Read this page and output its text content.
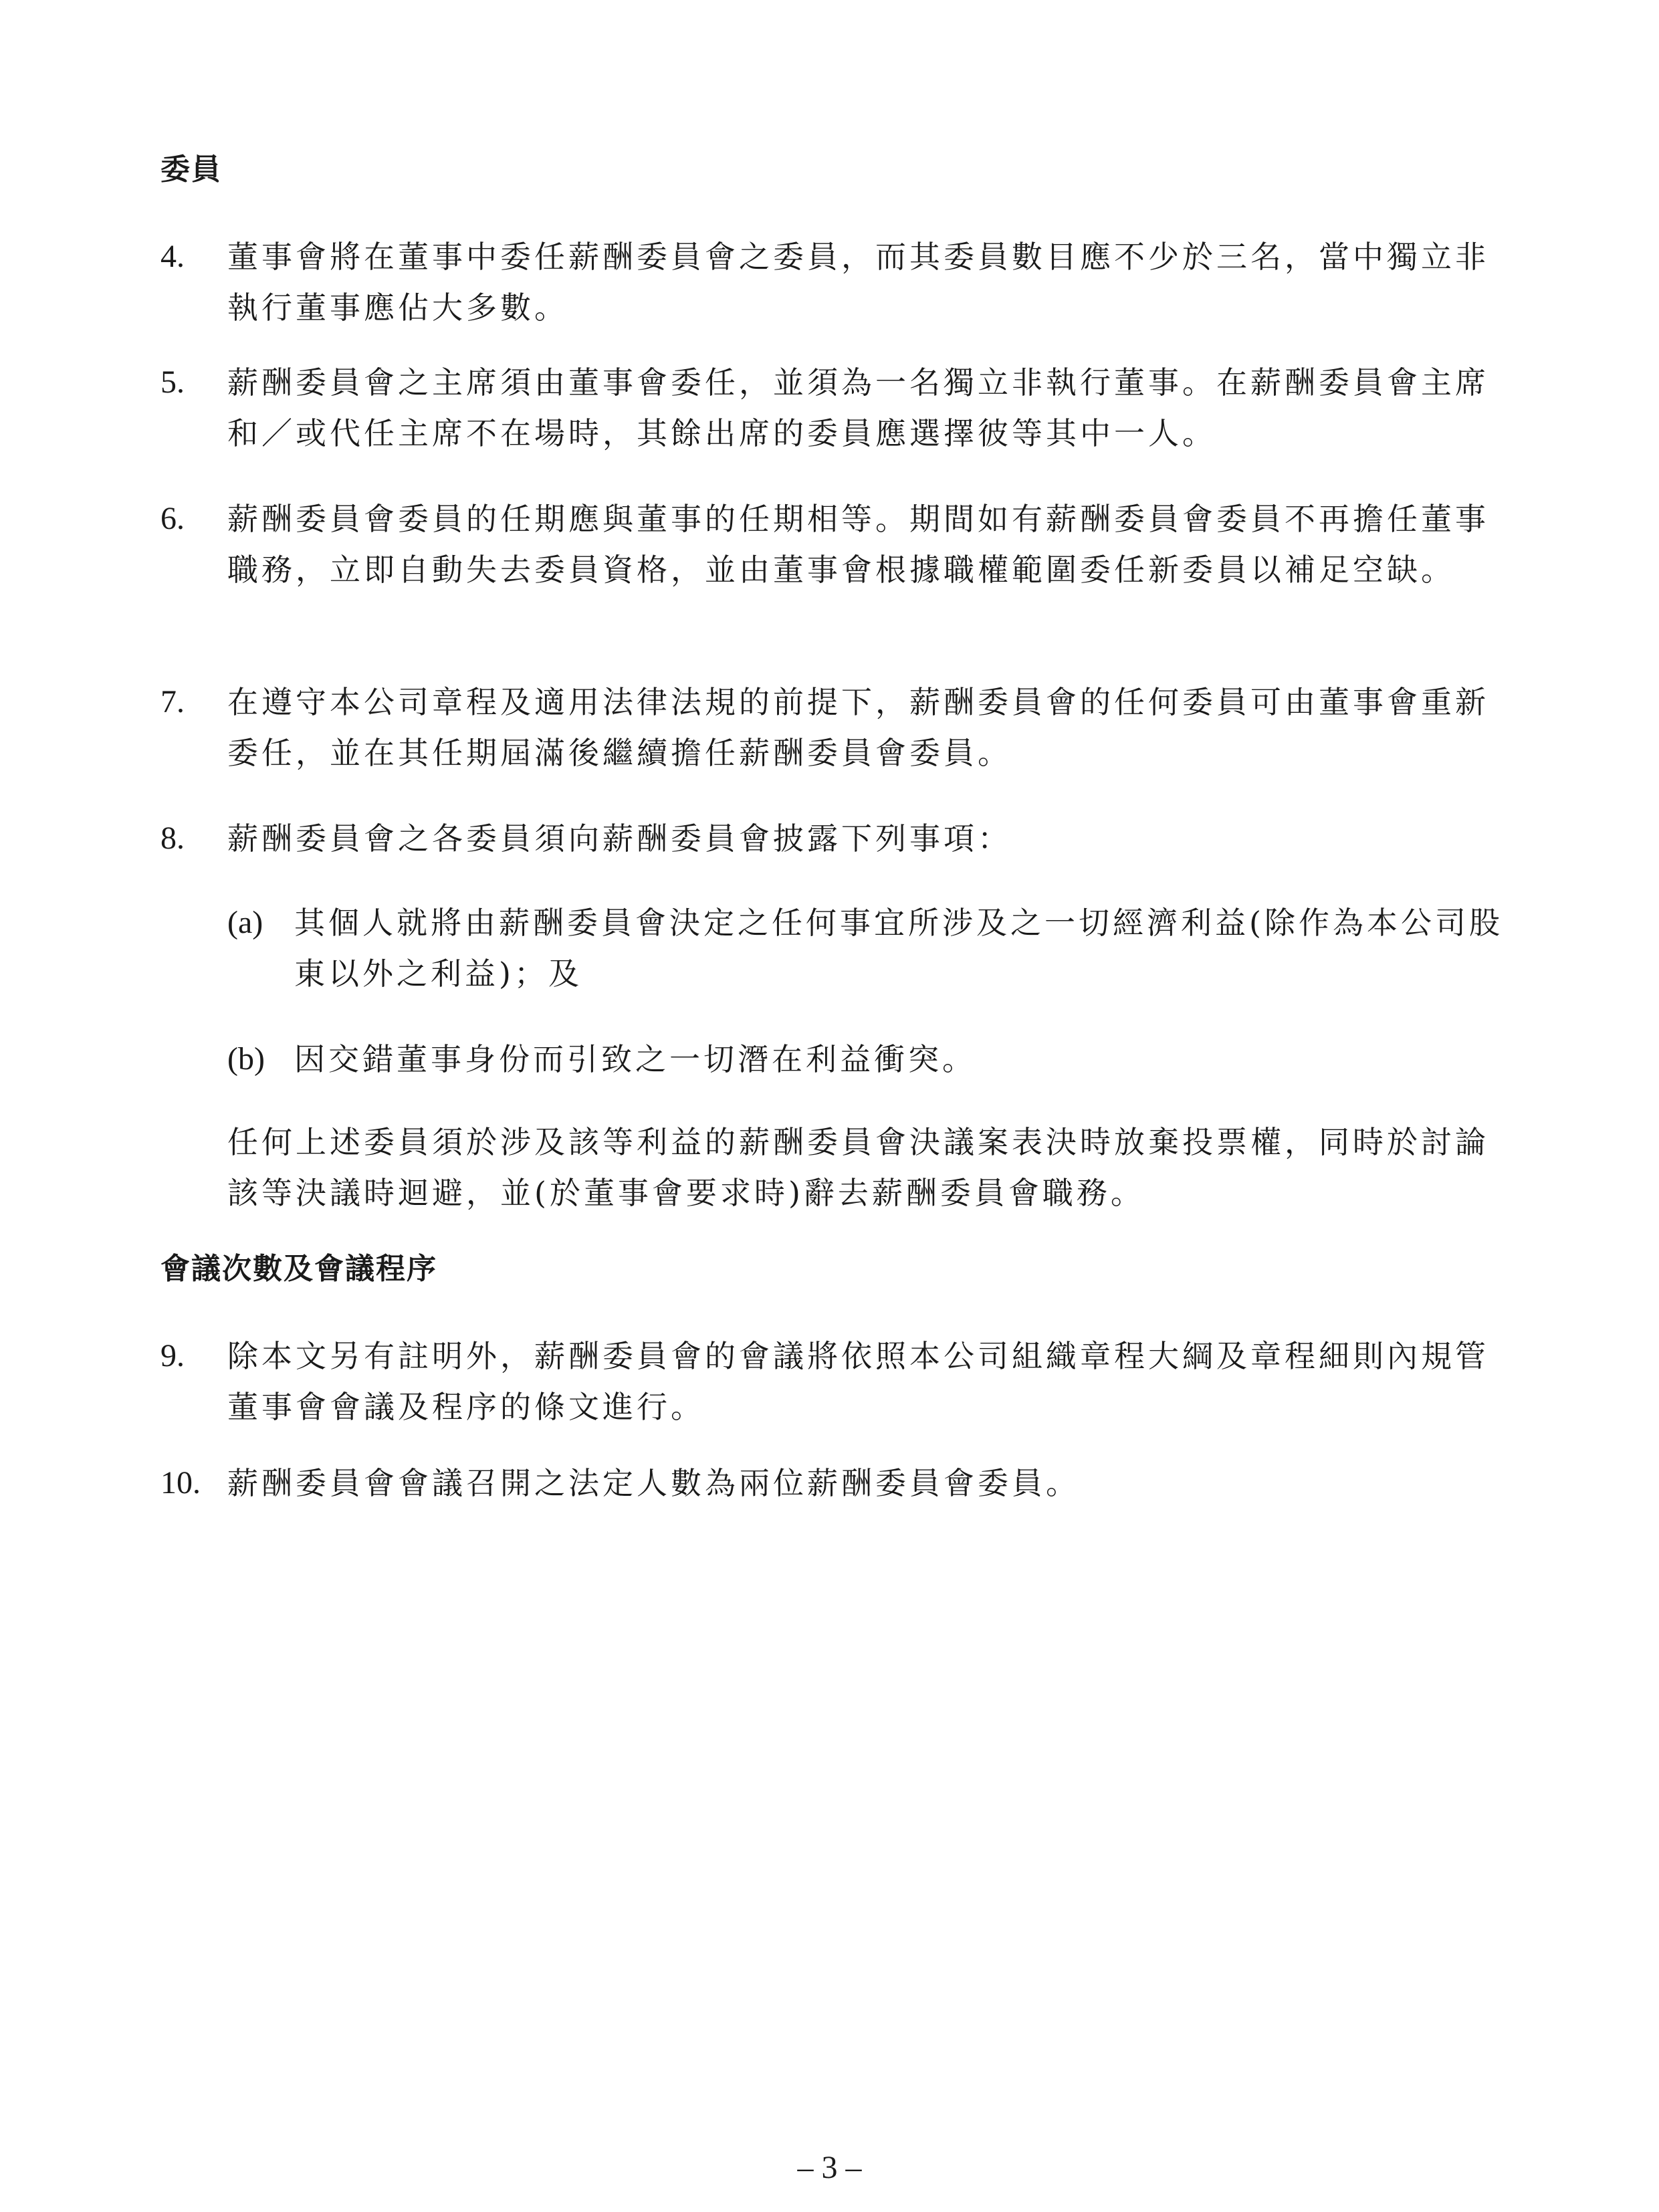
委員
4. 董事會將在董事中委任薪酬委員會之委員，而其委員數目應不少於三名，當中獨立非執行董事應佔大多數。
5. 薪酬委員會之主席須由董事會委任，並須為一名獨立非執行董事。在薪酬委員會主席和／或代任主席不在場時，其餘出席的委員應選擇彼等其中一人。
6. 薪酬委員會委員的任期應與董事的任期相等。期間如有薪酬委員會委員不再擔任董事職務，立即自動失去委員資格，並由董事會根據職權範圍委任新委員以補足空缺。
7. 在遵守本公司章程及適用法律法規的前提下，薪酬委員會的任何委員可由董事會重新委任，並在其任期屆滿後繼續擔任薪酬委員會委員。
8. 薪酬委員會之各委員須向薪酬委員會披露下列事項：
(a) 其個人就將由薪酬委員會決定之任何事宜所涉及之一切經濟利益(除作為本公司股東以外之利益)；及
(b) 因交錯董事身份而引致之一切潛在利益衝突。
任何上述委員須於涉及該等利益的薪酬委員會決議案表決時放棄投票權，同時於討論該等決議時迴避，並(於董事會要求時)辭去薪酬委員會職務。
會議次數及會議程序
9. 除本文另有註明外，薪酬委員會的會議將依照本公司組織章程大綱及章程細則內規管董事會會議及程序的條文進行。
10. 薪酬委員會會議召開之法定人數為兩位薪酬委員會委員。
– 3 –
